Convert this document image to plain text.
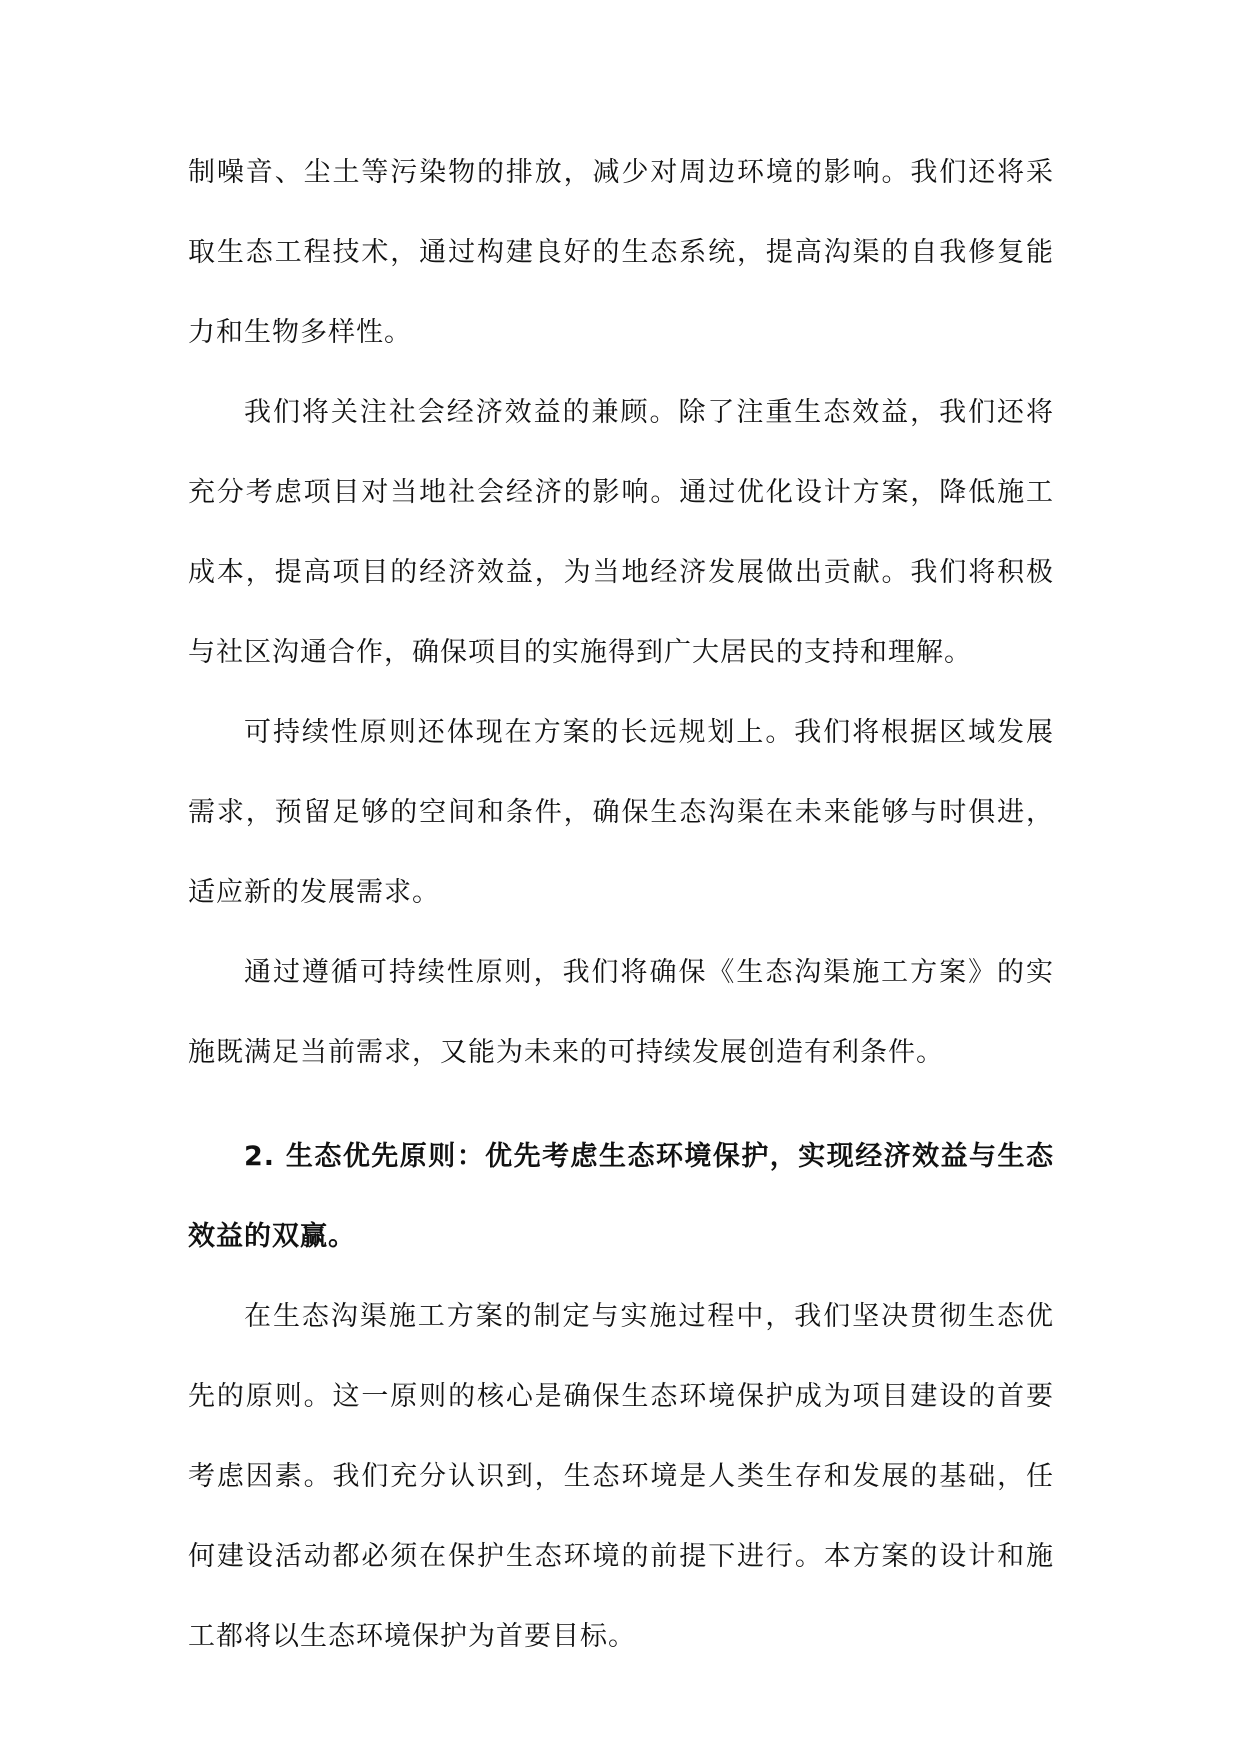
制噪音、尘土等污染物的排放，减少对周边环境的影响。我们还将采取生态工程技术，通过构建良好的生态系统，提高沟渠的自我修复能力和生物多样性。

我们将关注社会经济效益的兼顾。除了注重生态效益，我们还将充分考虑项目对当地社会经济的影响。通过优化设计方案，降低施工成本，提高项目的经济效益，为当地经济发展做出贡献。我们将积极与社区沟通合作，确保项目的实施得到广大居民的支持和理解。

可持续性原则还体现在方案的长远规划上。我们将根据区域发展需求，预留足够的空间和条件，确保生态沟渠在未来能够与时俱进，适应新的发展需求。

通过遵循可持续性原则，我们将确保《生态沟渠施工方案》的实施既满足当前需求，又能为未来的可持续发展创造有利条件。

2. 生态优先原则：优先考虑生态环境保护，实现经济效益与生态效益的双赢。

在生态沟渠施工方案的制定与实施过程中，我们坚决贯彻生态优先的原则。这一原则的核心是确保生态环境保护成为项目建设的首要考虑因素。我们充分认识到，生态环境是人类生存和发展的基础，任何建设活动都必须在保护生态环境的前提下进行。本方案的设计和施工都将以生态环境保护为首要目标。
